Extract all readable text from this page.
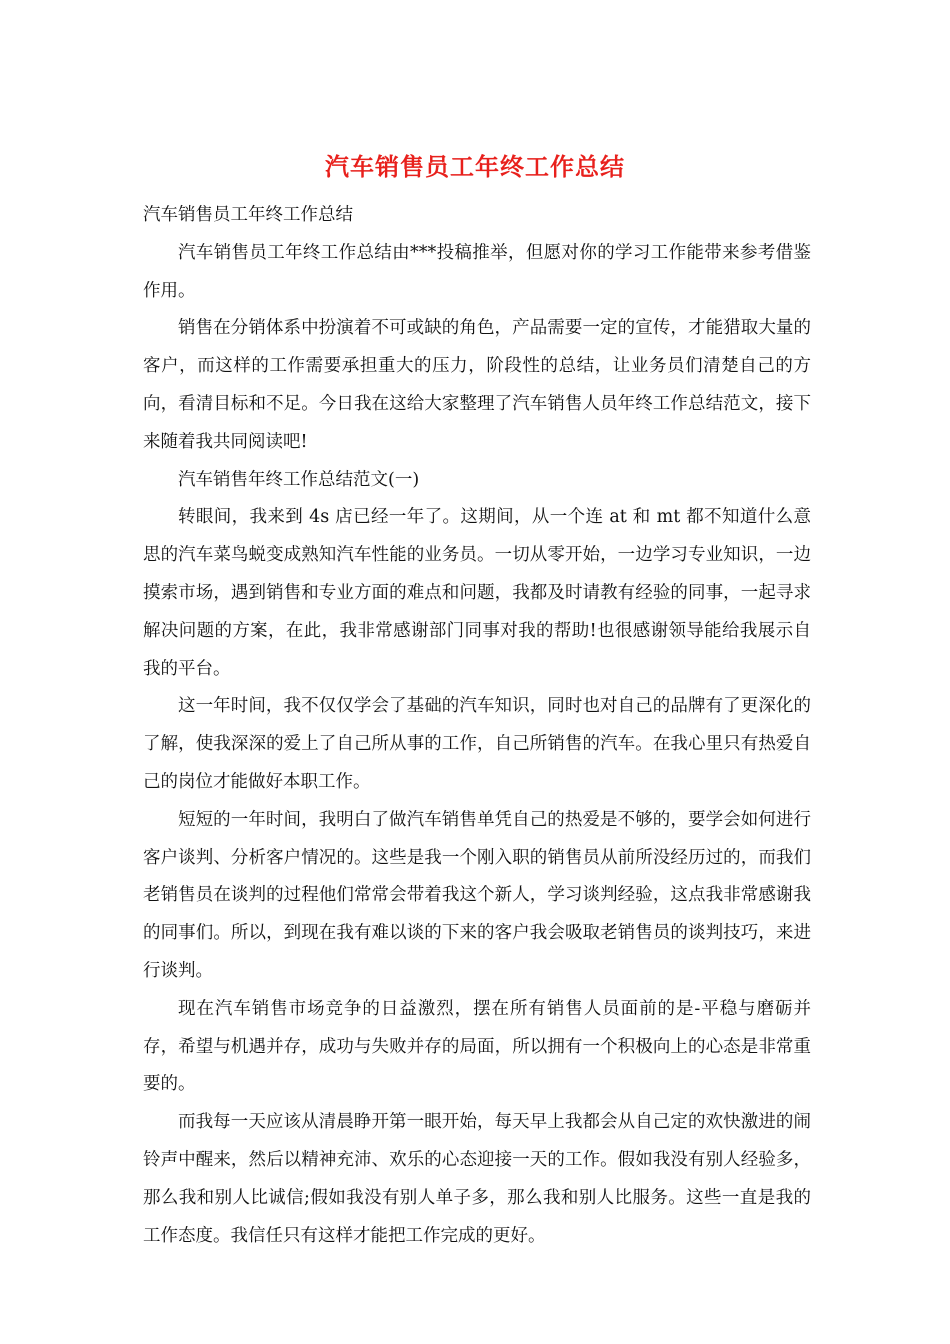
汽车销售员工年终工作总结

汽车销售员工年终工作总结

汽车销售员工年终工作总结由***投稿推举，但愿对你的学习工作能带来参考借鉴作用。

销售在分销体系中扮演着不可或缺的角色，产品需要一定的宣传，才能猎取大量的客户，而这样的工作需要承担重大的压力，阶段性的总结，让业务员们清楚自己的方向，看清目标和不足。今日我在这给大家整理了汽车销售人员年终工作总结范文，接下来随着我共同阅读吧!

汽车销售年终工作总结范文(一)

转眼间，我来到 4s 店已经一年了。这期间，从一个连 at 和 mt 都不知道什么意思的汽车菜鸟蜕变成熟知汽车性能的业务员。一切从零开始，一边学习专业知识，一边摸索市场，遇到销售和专业方面的难点和问题，我都及时请教有经验的同事，一起寻求解决问题的方案，在此，我非常感谢部门同事对我的帮助!也很感谢领导能给我展示自我的平台。

这一年时间，我不仅仅学会了基础的汽车知识，同时也对自己的品牌有了更深化的了解，使我深深的爱上了自己所从事的工作，自己所销售的汽车。在我心里只有热爱自己的岗位才能做好本职工作。

短短的一年时间，我明白了做汽车销售单凭自己的热爱是不够的，要学会如何进行客户谈判、分析客户情况的。这些是我一个刚入职的销售员从前所没经历过的，而我们老销售员在谈判的过程他们常常会带着我这个新人，学习谈判经验，这点我非常感谢我的同事们。所以，到现在我有难以谈的下来的客户我会吸取老销售员的谈判技巧，来进行谈判。

现在汽车销售市场竞争的日益激烈，摆在所有销售人员面前的是-平稳与磨砺并存，希望与机遇并存，成功与失败并存的局面，所以拥有一个积极向上的心态是非常重要的。

而我每一天应该从清晨睁开第一眼开始，每天早上我都会从自己定的欢快激进的闹铃声中醒来，然后以精神充沛、欢乐的心态迎接一天的工作。假如我没有别人经验多，那么我和别人比诚信;假如我没有别人单子多，那么我和别人比服务。这些一直是我的工作态度。我信任只有这样才能把工作完成的更好。
